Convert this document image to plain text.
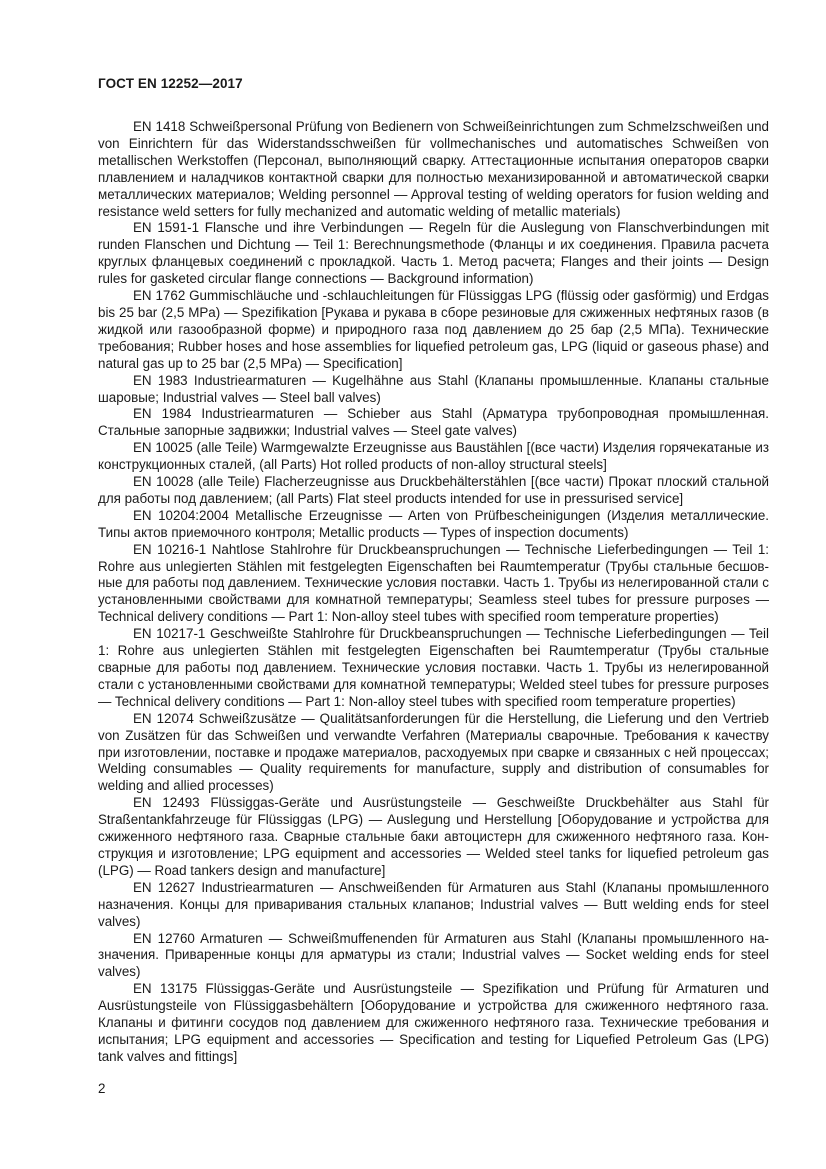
ГОСТ EN 12252—2017

EN 1418 Schweißpersonal Prüfung von Bedienern von Schweißeinrichtungen zum Schmelzschweißen und von Einrichtern für das Widerstandsschweißen für vollmechanisches und automatisches Schweißen von metallischen Werkstoffen (Персонал, выполняющий сварку. Аттестационные испытания операторов сварки плавлением и наладчиков контактной сварки для полностью механизированной и автоматической сварки металлических материалов; Welding personnel — Approval testing of welding operators for fusion welding and resistance weld setters for fully mechanized and automatic welding of metallic materials)

EN 1591-1 Flansche und ihre Verbindungen — Regeln für die Auslegung von Flanschverbindungen mit runden Flanschen und Dichtung — Teil 1: Berechnungsmethode (Фланцы и их соединения. Правила расчета круглых фланцевых соединений с прокладкой. Часть 1. Метод расчета; Flanges and their joints — Design rules for gasketed circular flange connections — Background information)

EN 1762 Gummischläuche und -schlauchleitungen für Flüssiggas LPG (flüssig oder gasförmig) und Erdgas bis 25 bar (2,5 MPa) — Spezifikation [Рукава и рукава в сборе резиновые для сжиженных нефтяных газов (в жидкой или газообразной форме) и природного газа под давлением до 25 бар (2,5 МПа). Технические требования; Rubber hoses and hose assemblies for liquefied petroleum gas, LPG (liquid or gaseous phase) and natural gas up to 25 bar (2,5 MPa) — Specification]

EN 1983 Industriearmaturen — Kugelhähne aus Stahl (Клапаны промышленные. Клапаны стальные шаровые; Industrial valves — Steel ball valves)

EN 1984 Industriearmaturen — Schieber aus Stahl (Арматура трубопроводная промышленная. Стальные запорные задвижки; Industrial valves — Steel gate valves)

EN 10025 (alle Teile) Warmgewalzte Erzeugnisse aus Baustählen [(все части) Изделия горячекатаные из конструкционных сталей, (all Parts) Hot rolled products of non-alloy structural steels]

EN 10028 (alle Teile) Flacherzeugnisse aus Druckbehälterstählen [(все части) Прокат плоский стальной для работы под давлением; (all Parts) Flat steel products intended for use in pressurised service]

EN 10204:2004 Metallische Erzeugnisse — Arten von Prüfbescheinigungen (Изделия металлические. Типы актов приемочного контроля; Metallic products — Types of inspection documents)

EN 10216-1 Nahtlose Stahlrohre für Druckbeanspruchungen — Technische Lieferbedingungen — Teil 1: Rohre aus unlegierten Stählen mit festgelegten Eigenschaften bei Raumtemperatur (Трубы стальные бесшовные для работы под давлением. Технические условия поставки. Часть 1. Трубы из нелегированной стали с установленными свойствами для комнатной температуры; Seamless steel tubes for pressure purposes — Technical delivery conditions — Part 1: Non-alloy steel tubes with specified room temperature properties)

EN 10217-1 Geschweißte Stahlrohre für Druckbeanspruchungen — Technische Lieferbedingungen — Teil 1: Rohre aus unlegierten Stählen mit festgelegten Eigenschaften bei Raumtemperatur (Трубы стальные сварные для работы под давлением. Технические условия поставки. Часть 1. Трубы из нелегированной стали с установленными свойствами для комнатной температуры; Welded steel tubes for pressure purposes — Technical delivery conditions — Part 1: Non-alloy steel tubes with specified room temperature properties)

EN 12074 Schweißzusätze — Qualitätsanforderungen für die Herstellung, die Lieferung und den Vertrieb von Zusätzen für das Schweißen und verwandte Verfahren (Материалы сварочные. Требования к качеству при изготовлении, поставке и продаже материалов, расходуемых при сварке и связанных с ней процессах; Welding consumables — Quality requirements for manufacture, supply and distribution of consumables for welding and allied processes)

EN 12493 Flüssiggas-Geräte und Ausrüstungsteile — Geschweißte Druckbehälter aus Stahl für Straßentankfahrzeuge für Flüssiggas (LPG) — Auslegung und Herstellung [Оборудование и устройства для сжиженного нефтяного газа. Сварные стальные баки автоцистерн для сжиженного нефтяного газа. Конструкция и изготовление; LPG equipment and accessories — Welded steel tanks for liquefied petroleum gas (LPG) — Road tankers design and manufacture]

EN 12627 Industriearmaturen — Anschweißenden für Armaturen aus Stahl (Клапаны промышленного назначения. Концы для приваривания стальных клапанов; Industrial valves — Butt welding ends for steel valves)

EN 12760 Armaturen — Schweißmuffenenden für Armaturen aus Stahl (Клапаны промышленного назначения. Приваренные концы для арматуры из стали; Industrial valves — Socket welding ends for steel valves)

EN 13175 Flüssiggas-Geräte und Ausrüstungsteile — Spezifikation und Prüfung für Armaturen und Ausrüstungsteile von Flüssiggasbehältern [Оборудование и устройства для сжиженного нефтяного газа. Клапаны и фитинги сосудов под давлением для сжиженного нефтяного газа. Технические требования и испытания; LPG equipment and accessories — Specification and testing for Liquefied Petroleum Gas (LPG) tank valves and fittings]

2
